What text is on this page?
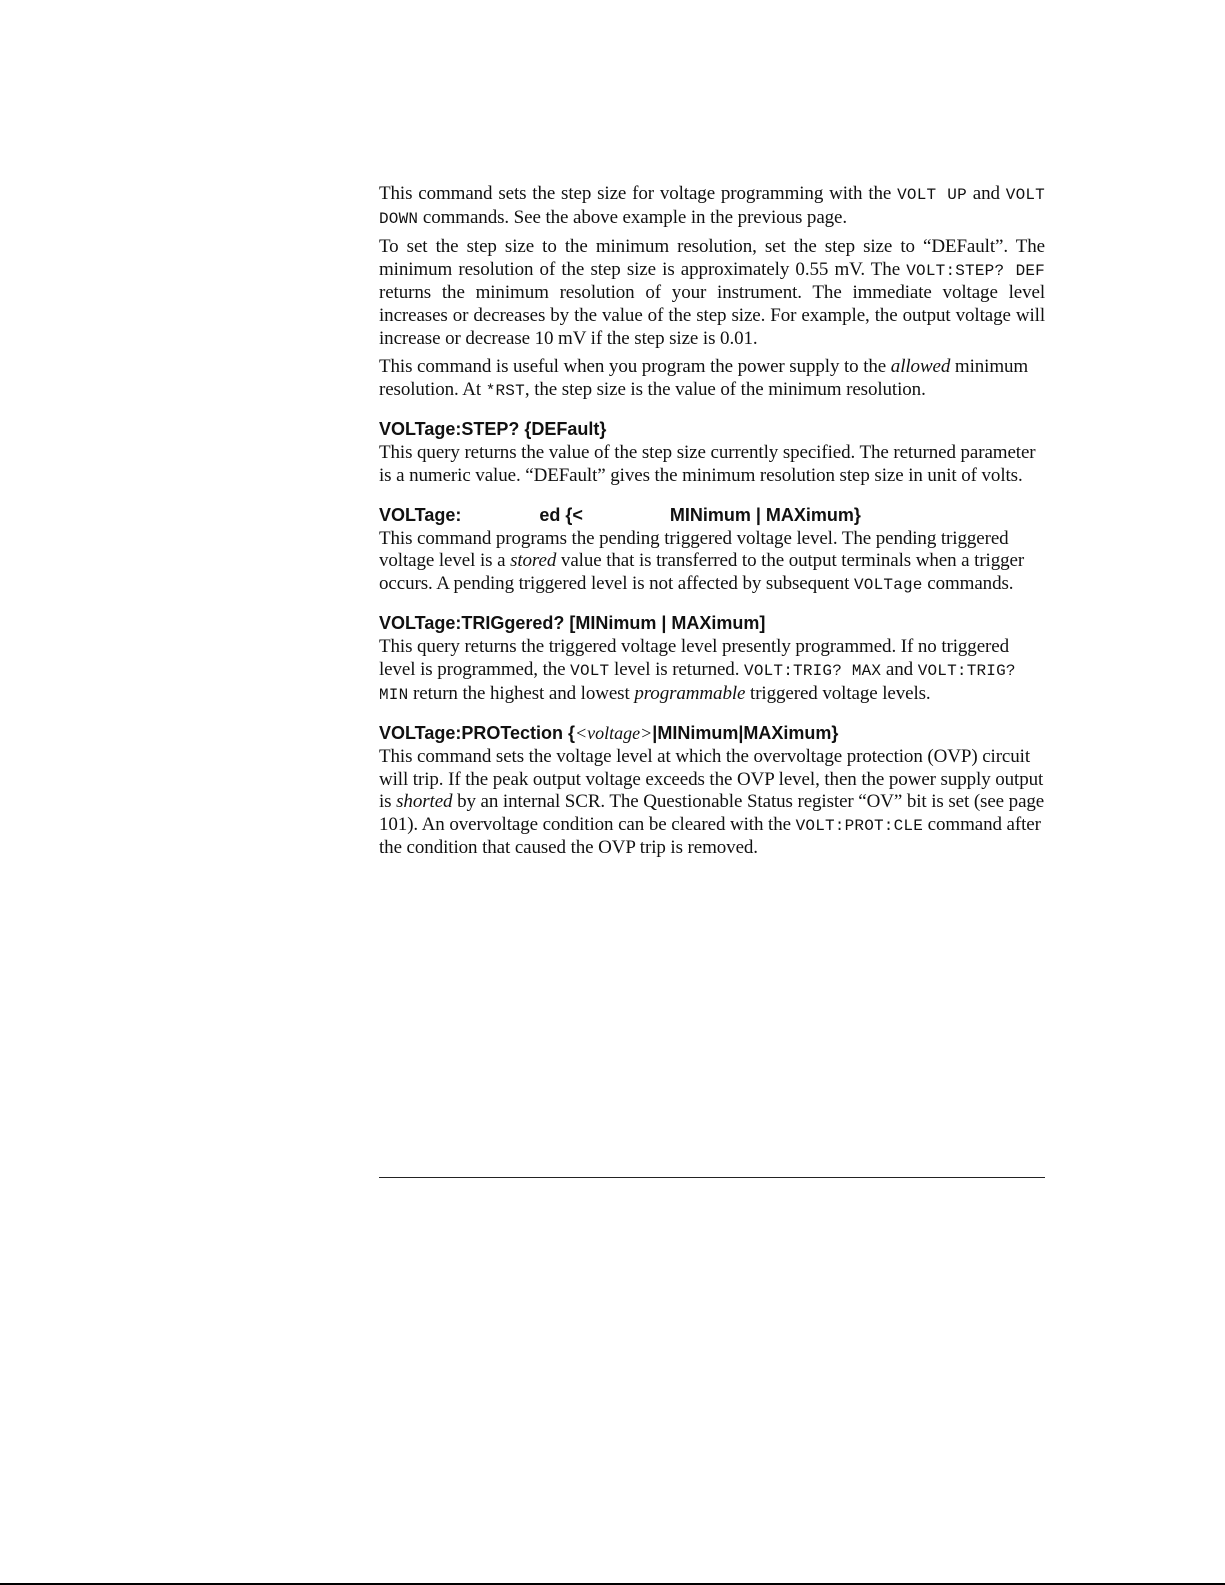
This command sets the step size for voltage programming with the VOLT UP and VOLT DOWN commands. See the above example in the previous page.

To set the step size to the minimum resolution, set the step size to “DEFault”. The minimum resolution of the step size is approximately 0.55 mV. The VOLT:STEP? DEF returns the minimum resolution of your instrument. The immediate voltage level increases or decreases by the value of the step size. For example, the output voltage will increase or decrease 10 mV if the step size is 0.01.

This command is useful when you program the power supply to the allowed minimum resolution. At *RST, the step size is the value of the minimum resolution.

VOLTage:STEP? {DEFault}

This query returns the value of the step size currently specified. The returned parameter is a numeric value. “DEFault” gives the minimum resolution step size in unit of volts.

VOLTage:	ed {<	MINimum | MAXimum}

This command programs the pending triggered voltage level. The pending triggered voltage level is a stored value that is transferred to the output terminals when a trigger occurs. A pending triggered level is not affected by subsequent VOLTage commands.

VOLTage:TRIGgered? [MINimum | MAXimum]

This query returns the triggered voltage level presently programmed. If no triggered level is programmed, the VOLT level is returned. VOLT:TRIG? MAX and VOLT:TRIG? MIN return the highest and lowest programmable triggered voltage levels.

VOLTage:PROTection {<voltage>|MINimum|MAXimum}

This command sets the voltage level at which the overvoltage protection (OVP) circuit will trip. If the peak output voltage exceeds the OVP level, then the power supply output is shorted by an internal SCR. The Questionable Status register “OV” bit is set (see page 101). An overvoltage condition can be cleared with the VOLT:PROT:CLE command after the condition that caused the OVP trip is removed.
